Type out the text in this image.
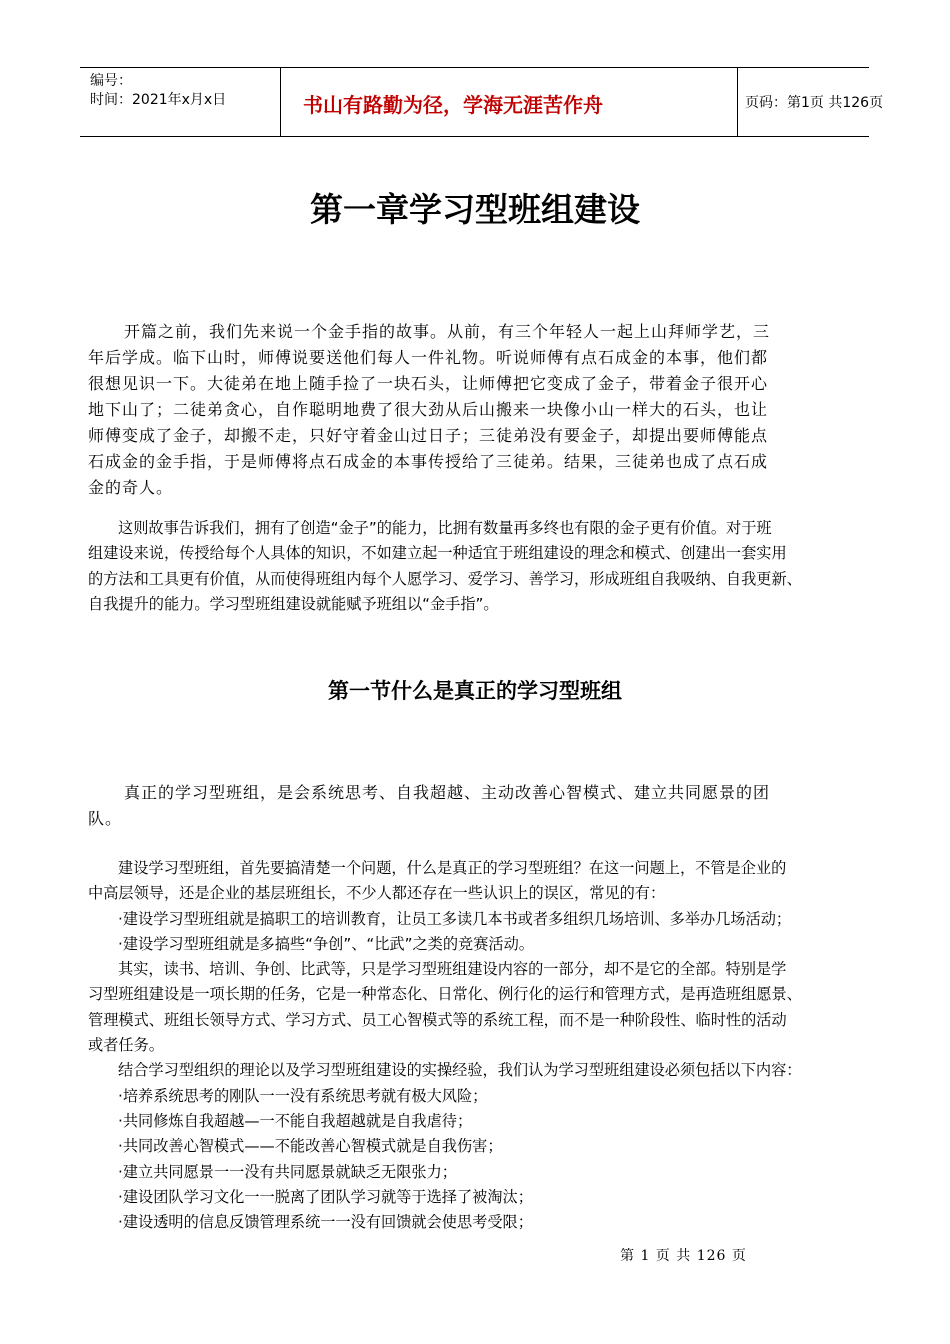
编号：
时间：2021年x月x日	书山有路勤为径，学海无涯苦作舟	页码：第1页 共126页
第一章学习型班组建设
开篇之前，我们先来说一个金手指的故事。从前，有三个年轻人一起上山拜师学艺，三
年后学成。临下山时，师傅说要送他们每人一件礼物。听说师傅有点石成金的本事，他们都
很想见识一下。大徒弟在地上随手捡了一块石头，让师傅把它变成了金子，带着金子很开心
地下山了；二徒弟贪心，自作聪明地费了很大劲从后山搬来一块像小山一样大的石头，也让
师傅变成了金子，却搬不走，只好守着金山过日子；三徒弟没有要金子，却提出要师傅能点
石成金的金手指，于是师傅将点石成金的本事传授给了三徒弟。结果，三徒弟也成了点石成
金的奇人。
这则故事告诉我们，拥有了创造“金子”的能力，比拥有数量再多终也有限的金子更有价值。对于班
组建设来说，传授给每个人具体的知识，不如建立起一种适宜于班组建设的理念和模式、创建出一套实用
的方法和工具更有价值，从而使得班组内每个人愿学习、爱学习、善学习，形成班组自我吸纳、自我更新、
自我提升的能力。学习型班组建设就能赋予班组以“金手指”。
第一节什么是真正的学习型班组
真正的学习型班组，是会系统思考、自我超越、主动改善心智模式、建立共同愿景的团
队。
建设学习型班组，首先要搞清楚一个问题，什么是真正的学习型班组？在这一问题上，不管是企业的
中高层领导，还是企业的基层班组长，不少人都还存在一些认识上的误区，常见的有：
·建设学习型班组就是搞职工的培训教育，让员工多读几本书或者多组织几场培训、多举办几场活动；
·建设学习型班组就是多搞些“争创”、“比武”之类的竞赛活动。
其实，读书、培训、争创、比武等，只是学习型班组建设内容的一部分，却不是它的全部。特别是学
习型班组建设是一项长期的任务，它是一种常态化、日常化、例行化的运行和管理方式，是再造班组愿景、
管理模式、班组长领导方式、学习方式、员工心智模式等的系统工程，而不是一种阶段性、临时性的活动
或者任务。
结合学习型组织的理论以及学习型班组建设的实操经验，我们认为学习型班组建设必须包括以下内容：
·培养系统思考的刚队一一没有系统思考就有极大风险；
·共同修炼自我超越—一不能自我超越就是自我虐待；
·共同改善心智模式——不能改善心智模式就是自我伤害；
·建立共同愿景一一没有共同愿景就缺乏无限张力；
·建设团队学习文化一一脱离了团队学习就等于选择了被淘汰；
·建设透明的信息反馈管理系统一一没有回馈就会使思考受限；
第 1 页 共 126 页
